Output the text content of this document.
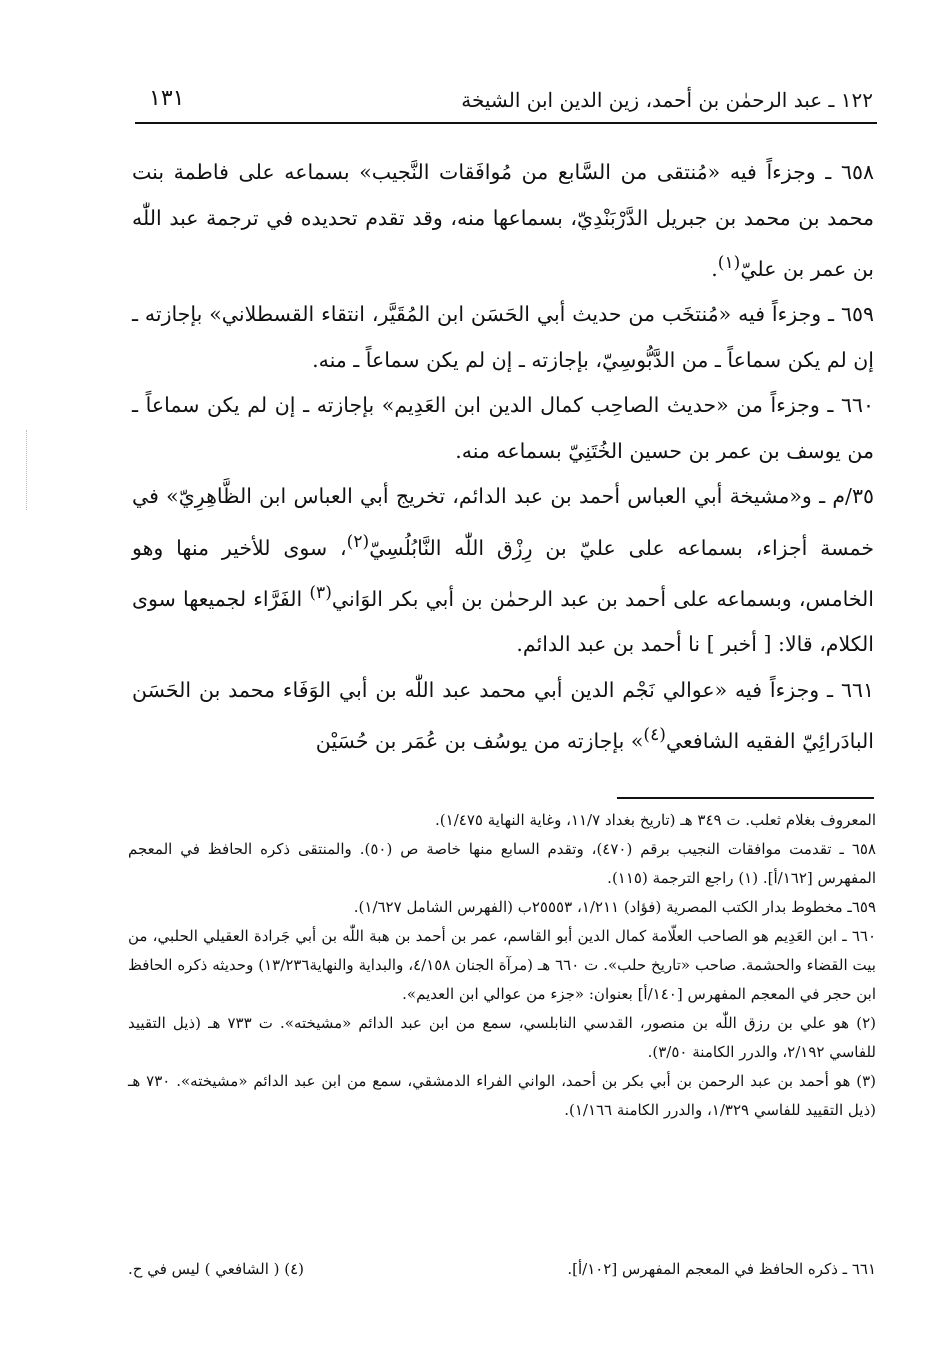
١٢٢ ـ عبد الرحمٰن بن أحمد، زين الدين ابن الشيخة
١٣١

٦٥٨ ـ وجزءاً فيه «مُنتقى من السَّابع من مُوافَقات النَّجيب» بسماعه على فاطمة بنت محمد بن محمد بن جبريل الدَّرْبَنْدِيّ، بسماعها منه، وقد تقدم تحديده في ترجمة عبد اللّٰه بن عمر بن عليّ$^{(١)}$.

٦٥٩ ـ وجزءاً فيه «مُنتخَب من حديث أبي الحَسَن ابن المُقَيَّر، انتقاء القسطلاني» بإجازته ـ إن لم يكن سماعاً ـ من الدَّبُّوسِيّ، بإجازته ـ إن لم يكن سماعاً ـ منه.

٦٦٠ ـ وجزءاً من «حديث الصاحِب كمال الدين ابن العَدِيم» بإجازته ـ إن لم يكن سماعاً ـ من يوسف بن عمر بن حسين الخُتَنِيّ بسماعه منه.

٣٥/م ـ و«مشيخة أبي العباس أحمد بن عبد الدائم، تخريج أبي العباس ابن الظَّاهِرِيّ» في خمسة أجزاء، بسماعه على عليّ بن رِزْق اللّٰه النَّابُلُسِيّ$^{(٢)}$، سوى للأخير منها وهو الخامس، وبسماعه على أحمد بن عبد الرحمٰن بن أبي بكر الوَاني$^{(٣)}$ الفَرَّاء لجميعها سوى الكلام، قالا: [ أخبر ] نا أحمد بن عبد الدائم.

٦٦١ ـ وجزءاً فيه «عوالي نَجْم الدين أبي محمد عبد اللّٰه بن أبي الوَفَاء محمد بن الحَسَن البادَرائِيّ الفقيه الشافعي$^{(٤)}$» بإجازته من يوسُف بن عُمَر بن حُسَيْن

المعروف بغلام ثعلب. ت ٣٤٩ هـ (تاريخ بغداد ١١/٧، وغاية النهاية ١/٤٧٥).

٦٥٨ ـ تقدمت موافقات النجيب برقم (٤٧٠)، وتقدم السابع منها خاصة ص (٥٠). والمنتقى ذكره الحافظ في المعجم المفهرس [١٦٢/أ]. (١) راجع الترجمة (١١٥).

٦٥٩ـ مخطوط بدار الكتب المصرية (فؤاد) ١/٢١١، ٢٥٥٥٣ب (الفهرس الشامل ١/٦٢٧).

٦٦٠ ـ ابن العَدِيم هو الصاحب العلّامة كمال الدين أبو القاسم، عمر بن أحمد بن هبة اللّٰه بن أبي جَرادة العقيلي الحلبي، من بيت القضاء والحشمة. صاحب «تاريخ حلب». ت ٦٦٠ هـ (مرآة الجنان ٤/١٥٨، والبداية والنهاية١٣/٢٣٦) وحديثه ذكره الحافظ ابن حجر في المعجم المفهرس [١٤٠/أ] بعنوان: «جزء من عوالي ابن العديم».

(٢) هو علي بن رزق اللّٰه بن منصور، القدسي النابلسي، سمع من ابن عبد الدائم «مشيخته». ت ٧٣٣ هـ (ذيل التقييد للفاسي ٢/١٩٢، والدرر الكامنة ٣/٥٠).

(٣) هو أحمد بن عبد الرحمن بن أبي بكر بن أحمد، الواني الفراء الدمشقي، سمع من ابن عبد الدائم «مشيخته». ٧٣٠ هـ (ذيل التقييد للفاسي ١/٣٢٩، والدرر الكامنة ١/١٦٦).

٦٦١ ـ ذكره الحافظ في المعجم المفهرس [١٠٢/أ].
(٤) ( الشافعي ) ليس في ح.
